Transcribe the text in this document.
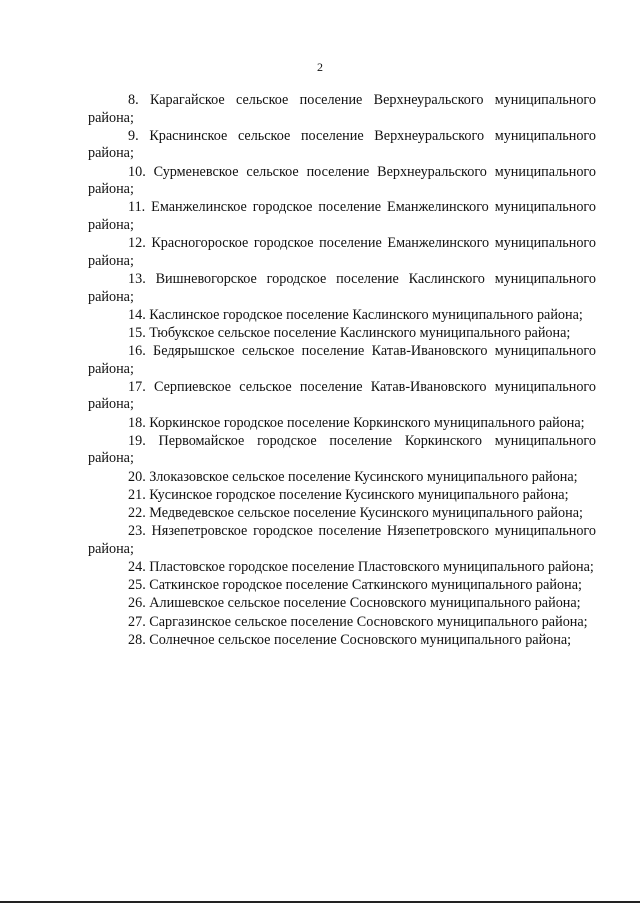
2

8. Карагайское сельское поселение Верхнеуральского муниципального района;

9. Краснинское сельское поселение Верхнеуральского муниципального района;

10. Сурменевское сельское поселение Верхнеуральского муниципального района;

11. Еманжелинское городское поселение Еманжелинского муниципального района;

12. Красногороское городское поселение Еманжелинского муниципального района;

13. Вишневогорское городское поселение Каслинского муниципального района;

14. Каслинское городское поселение Каслинского муниципального района;

15. Тюбукское сельское поселение Каслинского муниципального района;

16. Бедярышское сельское поселение Катав-Ивановского муниципального района;

17. Серпиевское сельское поселение Катав-Ивановского муниципального района;

18. Коркинское городское поселение Коркинского муниципального района;

19. Первомайское городское поселение Коркинского муниципального района;

20. Злоказовское сельское поселение Кусинского муниципального района;

21. Кусинское городское поселение Кусинского муниципального района;

22. Медведевское сельское поселение Кусинского муниципального района;

23. Нязепетровское городское поселение Нязепетровского муниципального района;

24. Пластовское городское поселение Пластовского муниципального района;

25. Саткинское городское поселение Саткинского муниципального района;

26. Алишевское сельское поселение Сосновского муниципального района;

27. Саргазинское сельское поселение Сосновского муниципального района;

28. Солнечное сельское поселение Сосновского муниципального района;
